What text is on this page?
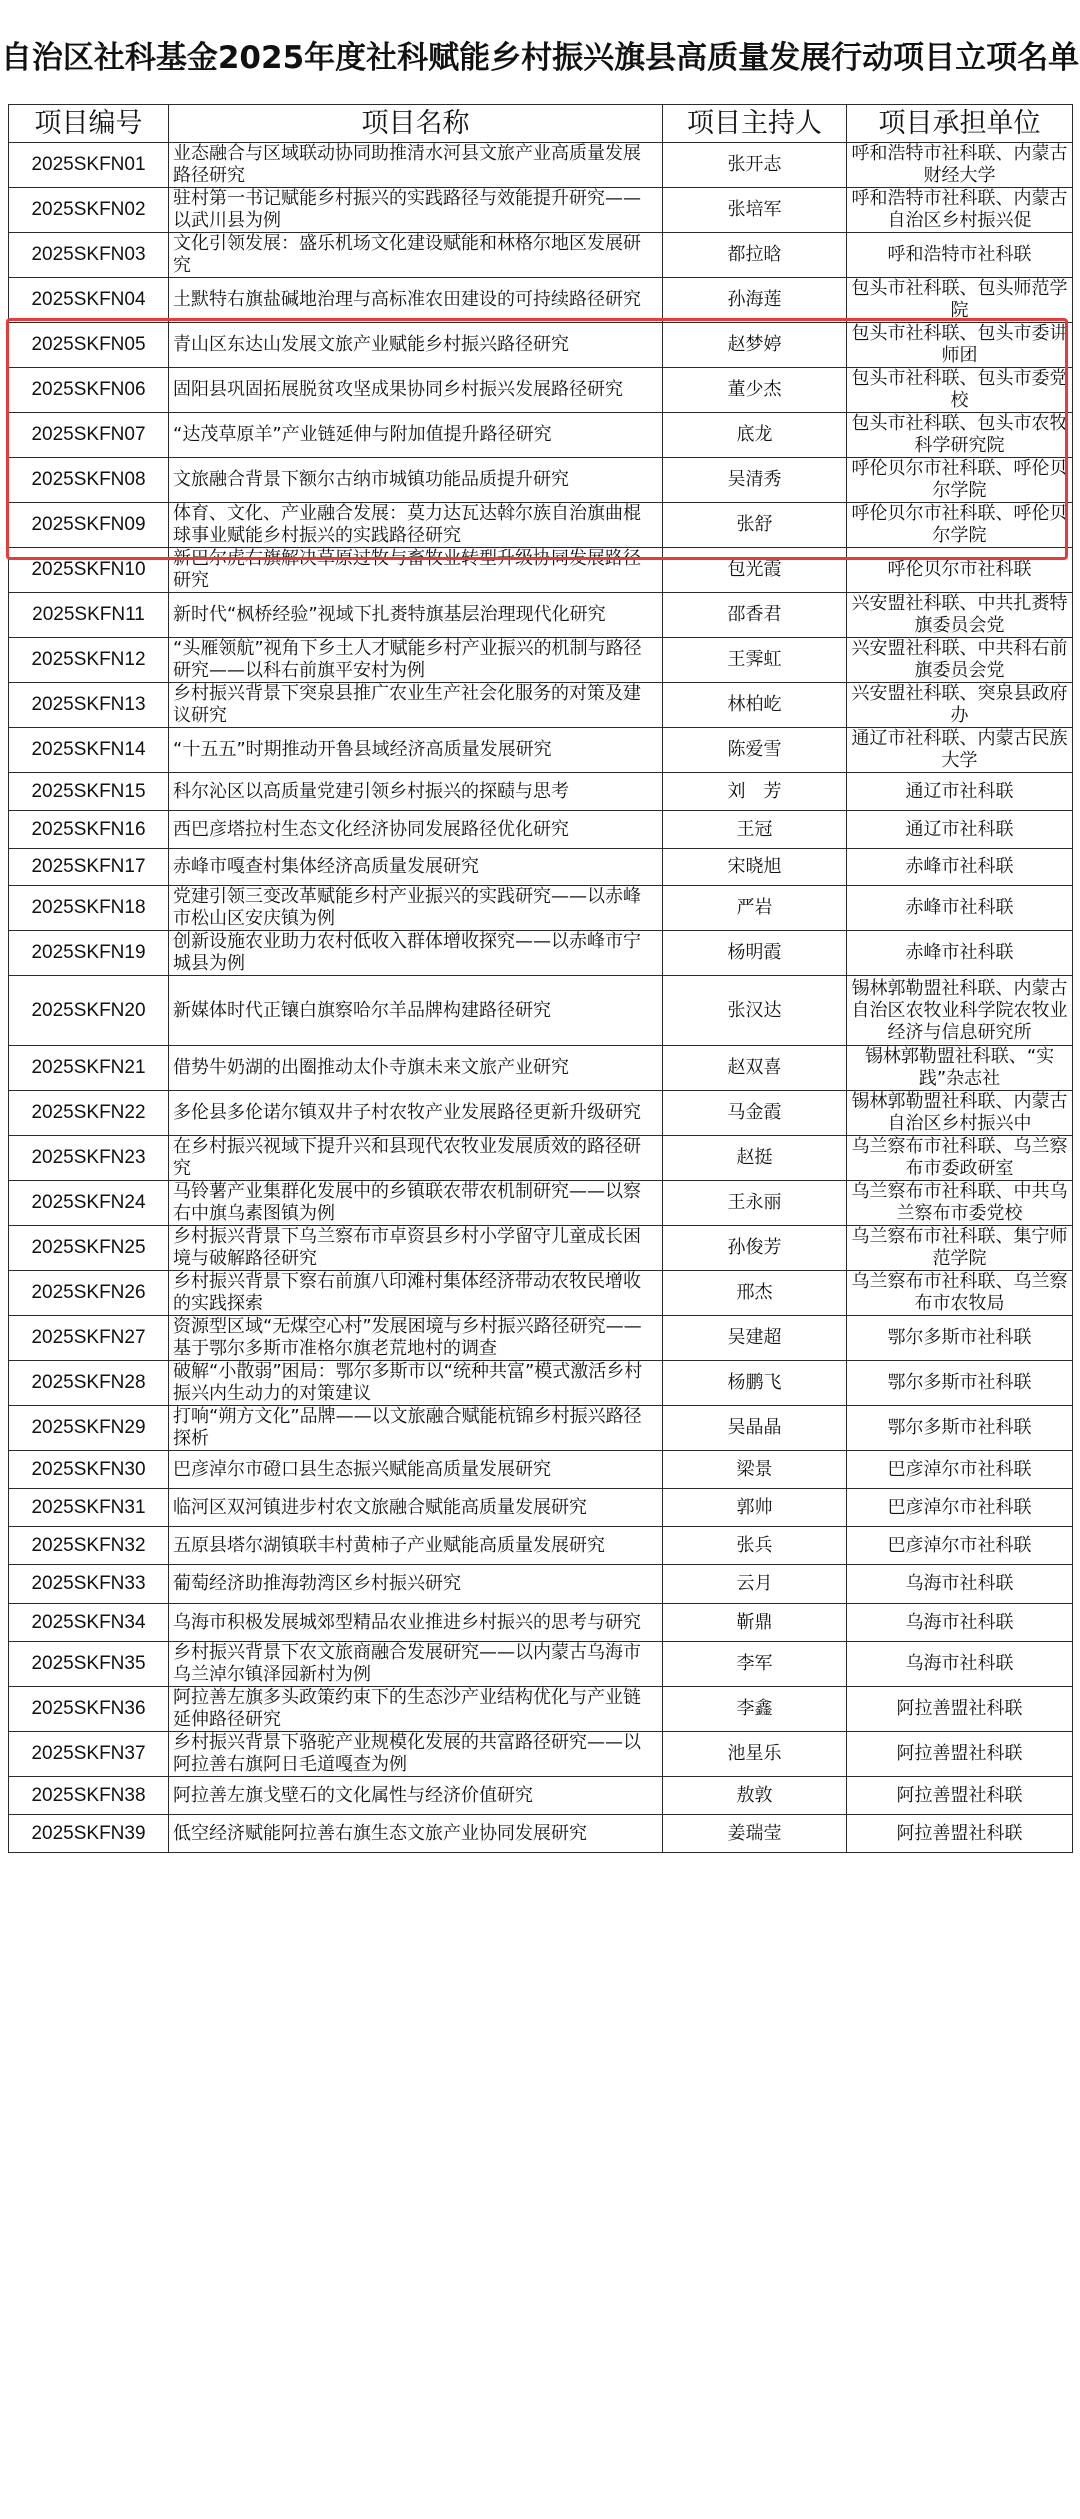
自治区社科基金2025年度社科赋能乡村振兴旗县高质量发展行动项目立项名单
项目编号	项目名称	项目主持人	项目承担单位
2025SKFN01	业态融合与区域联动协同助推清水河县文旅产业高质量发展路径研究	张开志	呼和浩特市社科联、内蒙古财经大学
2025SKFN02	驻村第一书记赋能乡村振兴的实践路径与效能提升研究——以武川县为例	张培军	呼和浩特市社科联、内蒙古自治区乡村振兴促
2025SKFN03	文化引领发展：盛乐机场文化建设赋能和林格尔地区发展研究	都拉晗	呼和浩特市社科联
2025SKFN04	土默特右旗盐碱地治理与高标准农田建设的可持续路径研究	孙海莲	包头市社科联、包头师范学院
2025SKFN05	青山区东达山发展文旅产业赋能乡村振兴路径研究	赵梦婷	包头市社科联、包头市委讲师团
2025SKFN06	固阳县巩固拓展脱贫攻坚成果协同乡村振兴发展路径研究	董少杰	包头市社科联、包头市委党校
2025SKFN07	“达茂草原羊”产业链延伸与附加值提升路径研究	底龙	包头市社科联、包头市农牧科学研究院
2025SKFN08	文旅融合背景下额尔古纳市城镇功能品质提升研究	吴清秀	呼伦贝尔市社科联、呼伦贝尔学院
2025SKFN09	体育、文化、产业融合发展：莫力达瓦达斡尔族自治旗曲棍球事业赋能乡村振兴的实践路径研究	张舒	呼伦贝尔市社科联、呼伦贝尔学院
2025SKFN10	新巴尔虎右旗解决草原过牧与畜牧业转型升级协同发展路径研究	包光霞	呼伦贝尔市社科联
2025SKFN11	新时代“枫桥经验”视域下扎赉特旗基层治理现代化研究	邵香君	兴安盟社科联、中共扎赉特旗委员会党
2025SKFN12	“头雁领航”视角下乡土人才赋能乡村产业振兴的机制与路径研究——以科右前旗平安村为例	王霁虹	兴安盟社科联、中共科右前旗委员会党
2025SKFN13	乡村振兴背景下突泉县推广农业生产社会化服务的对策及建议研究	林柏屹	兴安盟社科联、突泉县政府办
2025SKFN14	“十五五”时期推动开鲁县域经济高质量发展研究	陈爱雪	通辽市社科联、内蒙古民族大学
2025SKFN15	科尔沁区以高质量党建引领乡村振兴的探赜与思考	刘　芳	通辽市社科联
2025SKFN16	西巴彦塔拉村生态文化经济协同发展路径优化研究	王冠	通辽市社科联
2025SKFN17	赤峰市嘎查村集体经济高质量发展研究	宋晓旭	赤峰市社科联
2025SKFN18	党建引领三变改革赋能乡村产业振兴的实践研究——以赤峰市松山区安庆镇为例	严岩	赤峰市社科联
2025SKFN19	创新设施农业助力农村低收入群体增收探究——以赤峰市宁城县为例	杨明霞	赤峰市社科联
2025SKFN20	新媒体时代正镶白旗察哈尔羊品牌构建路径研究	张汉达	锡林郭勒盟社科联、内蒙古自治区农牧业科学院农牧业经济与信息研究所
2025SKFN21	借势牛奶湖的出圈推动太仆寺旗未来文旅产业研究	赵双喜	锡林郭勒盟社科联、“实践”杂志社
2025SKFN22	多伦县多伦诺尔镇双井子村农牧产业发展路径更新升级研究	马金霞	锡林郭勒盟社科联、内蒙古自治区乡村振兴中
2025SKFN23	在乡村振兴视域下提升兴和县现代农牧业发展质效的路径研究	赵挺	乌兰察布市社科联、乌兰察布市委政研室
2025SKFN24	马铃薯产业集群化发展中的乡镇联农带农机制研究——以察右中旗乌素图镇为例	王永丽	乌兰察布市社科联、中共乌兰察布市委党校
2025SKFN25	乡村振兴背景下乌兰察布市卓资县乡村小学留守儿童成长困境与破解路径研究	孙俊芳	乌兰察布市社科联、集宁师范学院
2025SKFN26	乡村振兴背景下察右前旗八印滩村集体经济带动农牧民增收的实践探索	邢杰	乌兰察布市社科联、乌兰察布市农牧局
2025SKFN27	资源型区域“无煤空心村”发展困境与乡村振兴路径研究——基于鄂尔多斯市准格尔旗老荒地村的调查	吴建超	鄂尔多斯市社科联
2025SKFN28	破解“小散弱”困局：鄂尔多斯市以“统种共富”模式激活乡村振兴内生动力的对策建议	杨鹏飞	鄂尔多斯市社科联
2025SKFN29	打响“朔方文化”品牌——以文旅融合赋能杭锦乡村振兴路径探析	吴晶晶	鄂尔多斯市社科联
2025SKFN30	巴彦淖尔市磴口县生态振兴赋能高质量发展研究	梁景	巴彦淖尔市社科联
2025SKFN31	临河区双河镇进步村农文旅融合赋能高质量发展研究	郭帅	巴彦淖尔市社科联
2025SKFN32	五原县塔尔湖镇联丰村黄柿子产业赋能高质量发展研究	张兵	巴彦淖尔市社科联
2025SKFN33	葡萄经济助推海勃湾区乡村振兴研究	云月	乌海市社科联
2025SKFN34	乌海市积极发展城郊型精品农业推进乡村振兴的思考与研究	靳鼎	乌海市社科联
2025SKFN35	乡村振兴背景下农文旅商融合发展研究——以内蒙古乌海市乌兰淖尔镇泽园新村为例	李军	乌海市社科联
2025SKFN36	阿拉善左旗多头政策约束下的生态沙产业结构优化与产业链延伸路径研究	李鑫	阿拉善盟社科联
2025SKFN37	乡村振兴背景下骆驼产业规模化发展的共富路径研究——以阿拉善右旗阿日毛道嘎查为例	池星乐	阿拉善盟社科联
2025SKFN38	阿拉善左旗戈壁石的文化属性与经济价值研究	敖敦	阿拉善盟社科联
2025SKFN39	低空经济赋能阿拉善右旗生态文旅产业协同发展研究	姜瑞莹	阿拉善盟社科联
